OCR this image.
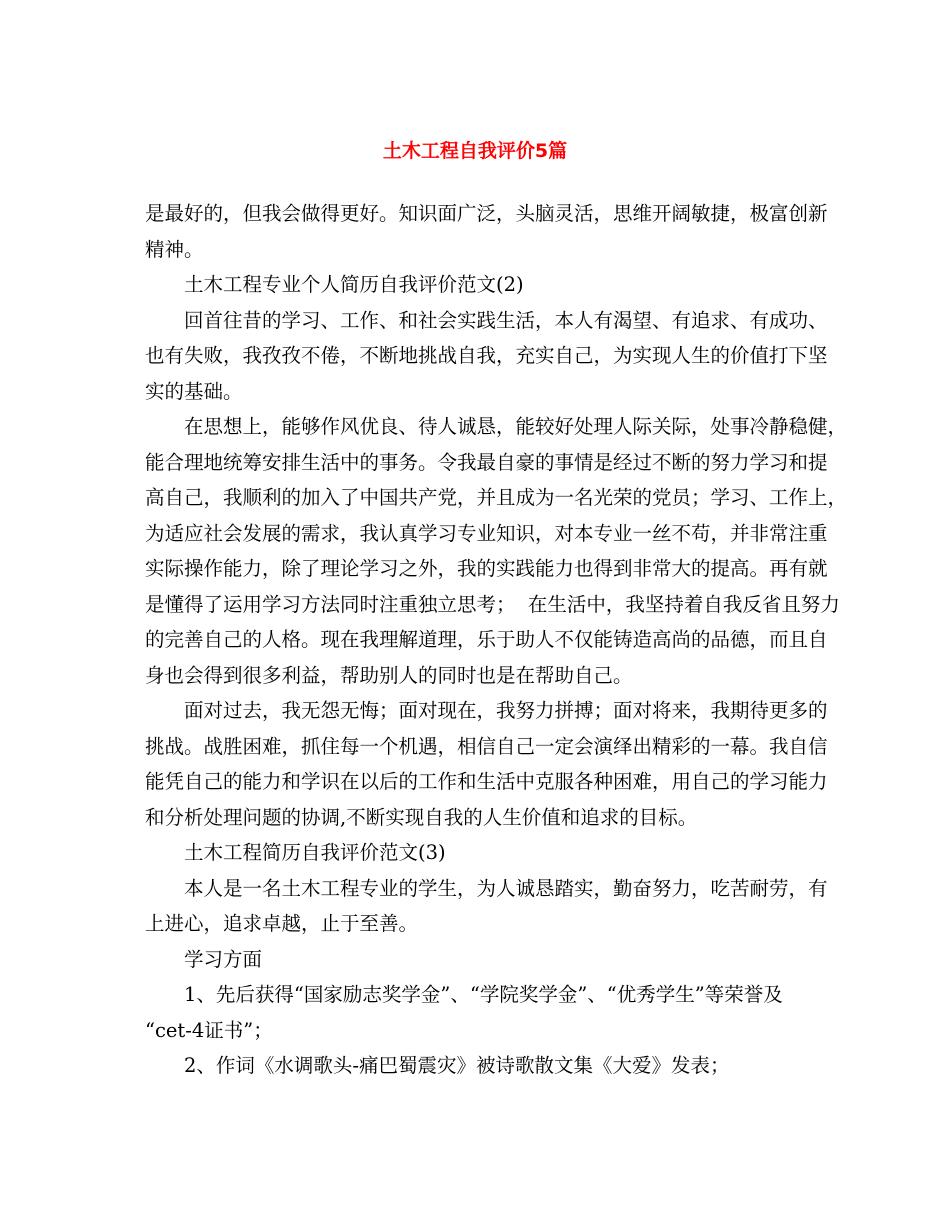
土木工程自我评价5篇

是最好的，但我会做得更好。知识面广泛，头脑灵活，思维开阔敏捷，极富创新
精神。

土木工程专业个人简历自我评价范文(2)

回首往昔的学习、工作、和社会实践生活，本人有渴望、有追求、有成功、
也有失败，我孜孜不倦，不断地挑战自我，充实自己，为实现人生的价值打下坚
实的基础。

在思想上，能够作风优良、待人诚恳，能较好处理人际关际，处事冷静稳健，
能合理地统筹安排生活中的事务。令我最自豪的事情是经过不断的努力学习和提
高自己，我顺利的加入了中国共产党，并且成为一名光荣的党员；学习、工作上，
为适应社会发展的需求，我认真学习专业知识，对本专业一丝不苟，并非常注重
实际操作能力，除了理论学习之外，我的实践能力也得到非常大的提高。再有就
是懂得了运用学习方法同时注重独立思考；  在生活中，我坚持着自我反省且努力
的完善自己的人格。现在我理解道理，乐于助人不仅能铸造高尚的品德，而且自
身也会得到很多利益，帮助别人的同时也是在帮助自己。

面对过去，我无怨无悔；面对现在，我努力拼搏；面对将来，我期待更多的
挑战。战胜困难，抓住每一个机遇，相信自己一定会演绎出精彩的一幕。我自信
能凭自己的能力和学识在以后的工作和生活中克服各种困难，用自己的学习能力
和分析处理问题的协调,不断实现自我的人生价值和追求的目标。

土木工程简历自我评价范文(3)

本人是一名土木工程专业的学生，为人诚恳踏实，勤奋努力，吃苦耐劳，有
上进心，追求卓越，止于至善。

学习方面

1、先后获得“国家励志奖学金”、“学院奖学金”、“优秀学生”等荣誉及
“cet-4证书”；

2、作词《水调歌头-痛巴蜀震灾》被诗歌散文集《大爱》发表；
